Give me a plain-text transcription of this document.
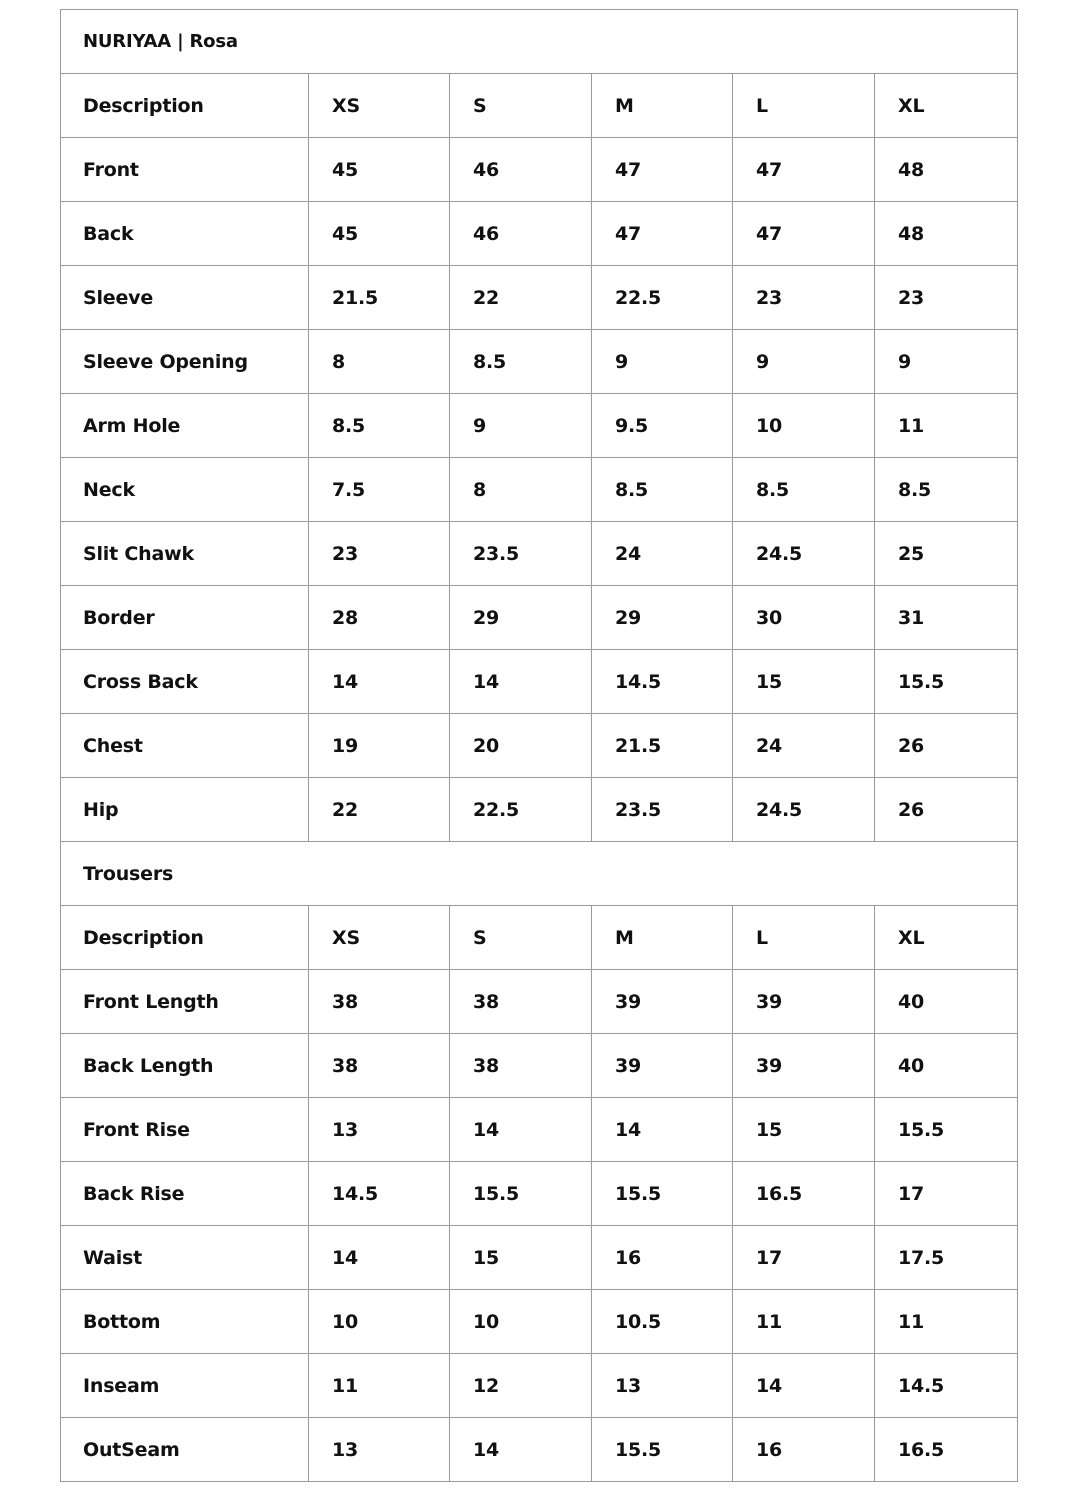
NURIYAA | Rosa					
Description	XS	S	M	L	XL
Front	45	46	47	47	48
Back	45	46	47	47	48
Sleeve	21.5	22	22.5	23	23
Sleeve Opening	8	8.5	9	9	9
Arm Hole	8.5	9	9.5	10	11
Neck	7.5	8	8.5	8.5	8.5
Slit Chawk	23	23.5	24	24.5	25
Border	28	29	29	30	31
Cross Back	14	14	14.5	15	15.5
Chest	19	20	21.5	24	26
Hip	22	22.5	23.5	24.5	26
Trousers					
Description	XS	S	M	L	XL
Front Length	38	38	39	39	40
Back Length	38	38	39	39	40
Front Rise	13	14	14	15	15.5
Back Rise	14.5	15.5	15.5	16.5	17
Waist	14	15	16	17	17.5
Bottom	10	10	10.5	11	11
Inseam	11	12	13	14	14.5
OutSeam	13	14	15.5	16	16.5
